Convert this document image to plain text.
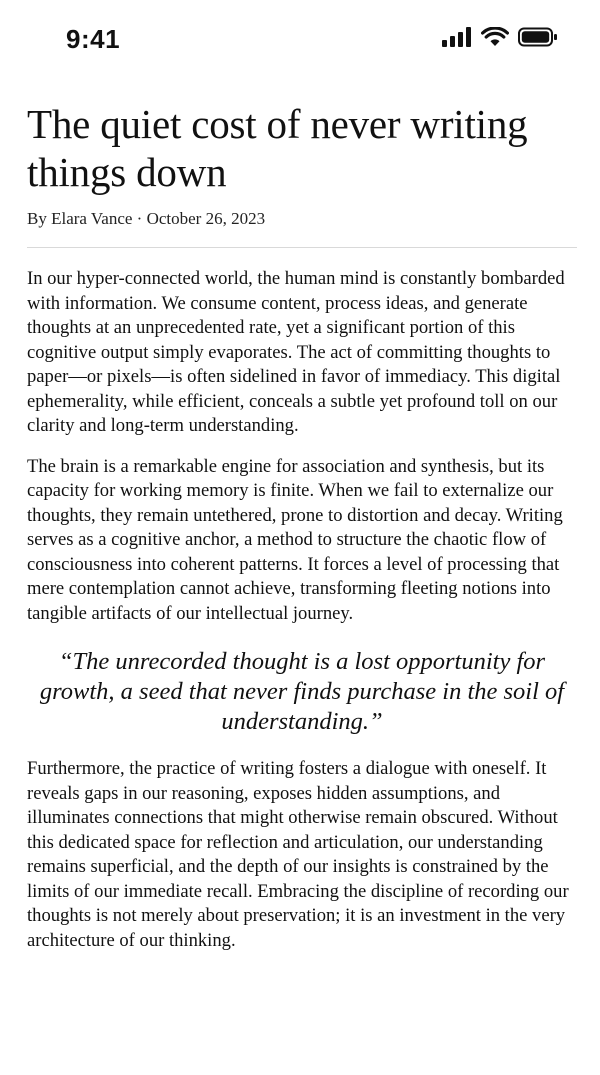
9:41
The quiet cost of never writing things down
By Elara Vance · October 26, 2023

In our hyper-connected world, the human mind is constantly bombarded with information. We consume content, process ideas, and generate thoughts at an unprecedented rate, yet a significant portion of this cognitive output simply evaporates. The act of committing thoughts to paper—or pixels—is often sidelined in favor of immediacy. This digital ephemerality, while efficient, conceals a subtle yet profound toll on our clarity and long-term understanding.

The brain is a remarkable engine for association and synthesis, but its capacity for working memory is finite. When we fail to externalize our thoughts, they remain untethered, prone to distortion and decay. Writing serves as a cognitive anchor, a method to structure the chaotic flow of consciousness into coherent patterns. It forces a level of processing that mere contemplation cannot achieve, transforming fleeting notions into tangible artifacts of our intellectual journey.

“The unrecorded thought is a lost opportunity for growth, a seed that never finds purchase in the soil of understanding.”

Furthermore, the practice of writing fosters a dialogue with oneself. It reveals gaps in our reasoning, exposes hidden assumptions, and illuminates connections that might otherwise remain obscured. Without this dedicated space for reflection and articulation, our understanding remains superficial, and the depth of our insights is constrained by the limits of our immediate recall. Embracing the discipline of recording our thoughts is not merely about preservation; it is an investment in the very architecture of our thinking.
